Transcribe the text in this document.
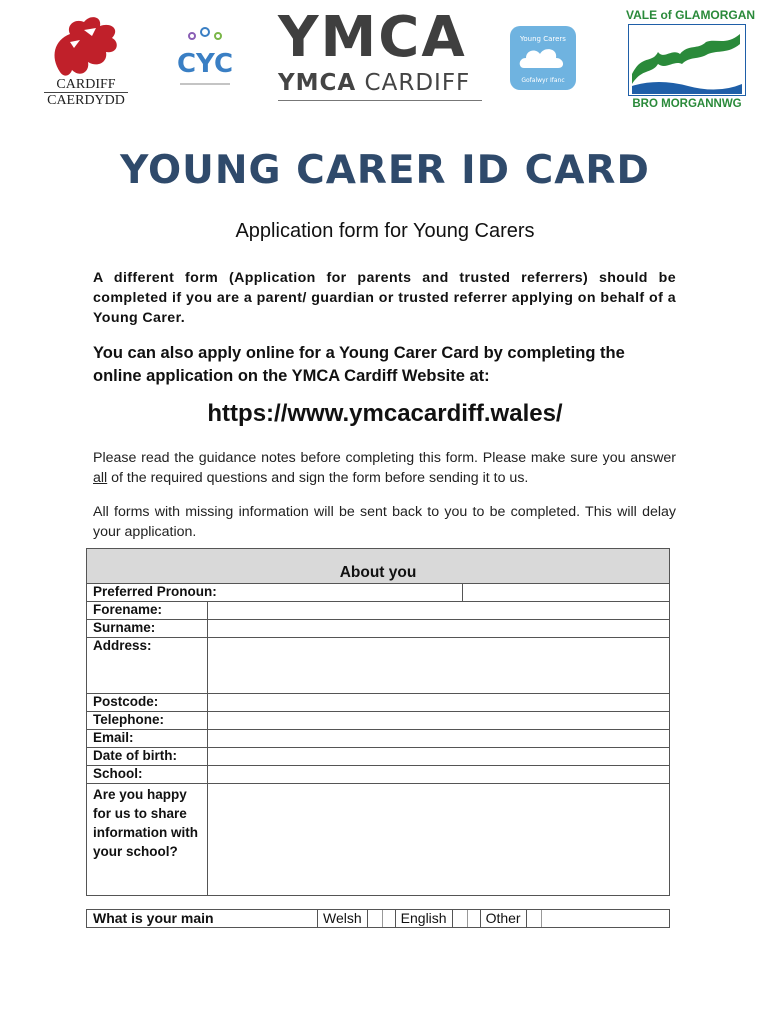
CARDIFF
CAERDYDD
CYC YMCA
YMCA CARDIFF
Young Carers
Gofalwyr Ifanc
VALE of GLAMORGAN
BRO MORGANNWG
YOUNG CARER ID CARD
Application form for Young Carers
A different form (Application for parents and trusted referrers) should be completed if you are a parent/ guardian or trusted referrer applying on behalf of a Young Carer.
You can also apply online for a Young Carer Card by completing the online application on the YMCA Cardiff Website at:
https://www.ymcacardiff.wales/
Please read the guidance notes before completing this form. Please make sure you answer all of the required questions and sign the form before sending it to us.
All forms with missing information will be sent back to you to be completed. This will delay your application.
About you
Preferred Pronoun:
Forename:
Surname:
Address:
Postcode:
Telephone:
Email:
Date of birth:
School:
Are you happy for us to share information with your school?
What is your main	Welsh	English	Other
